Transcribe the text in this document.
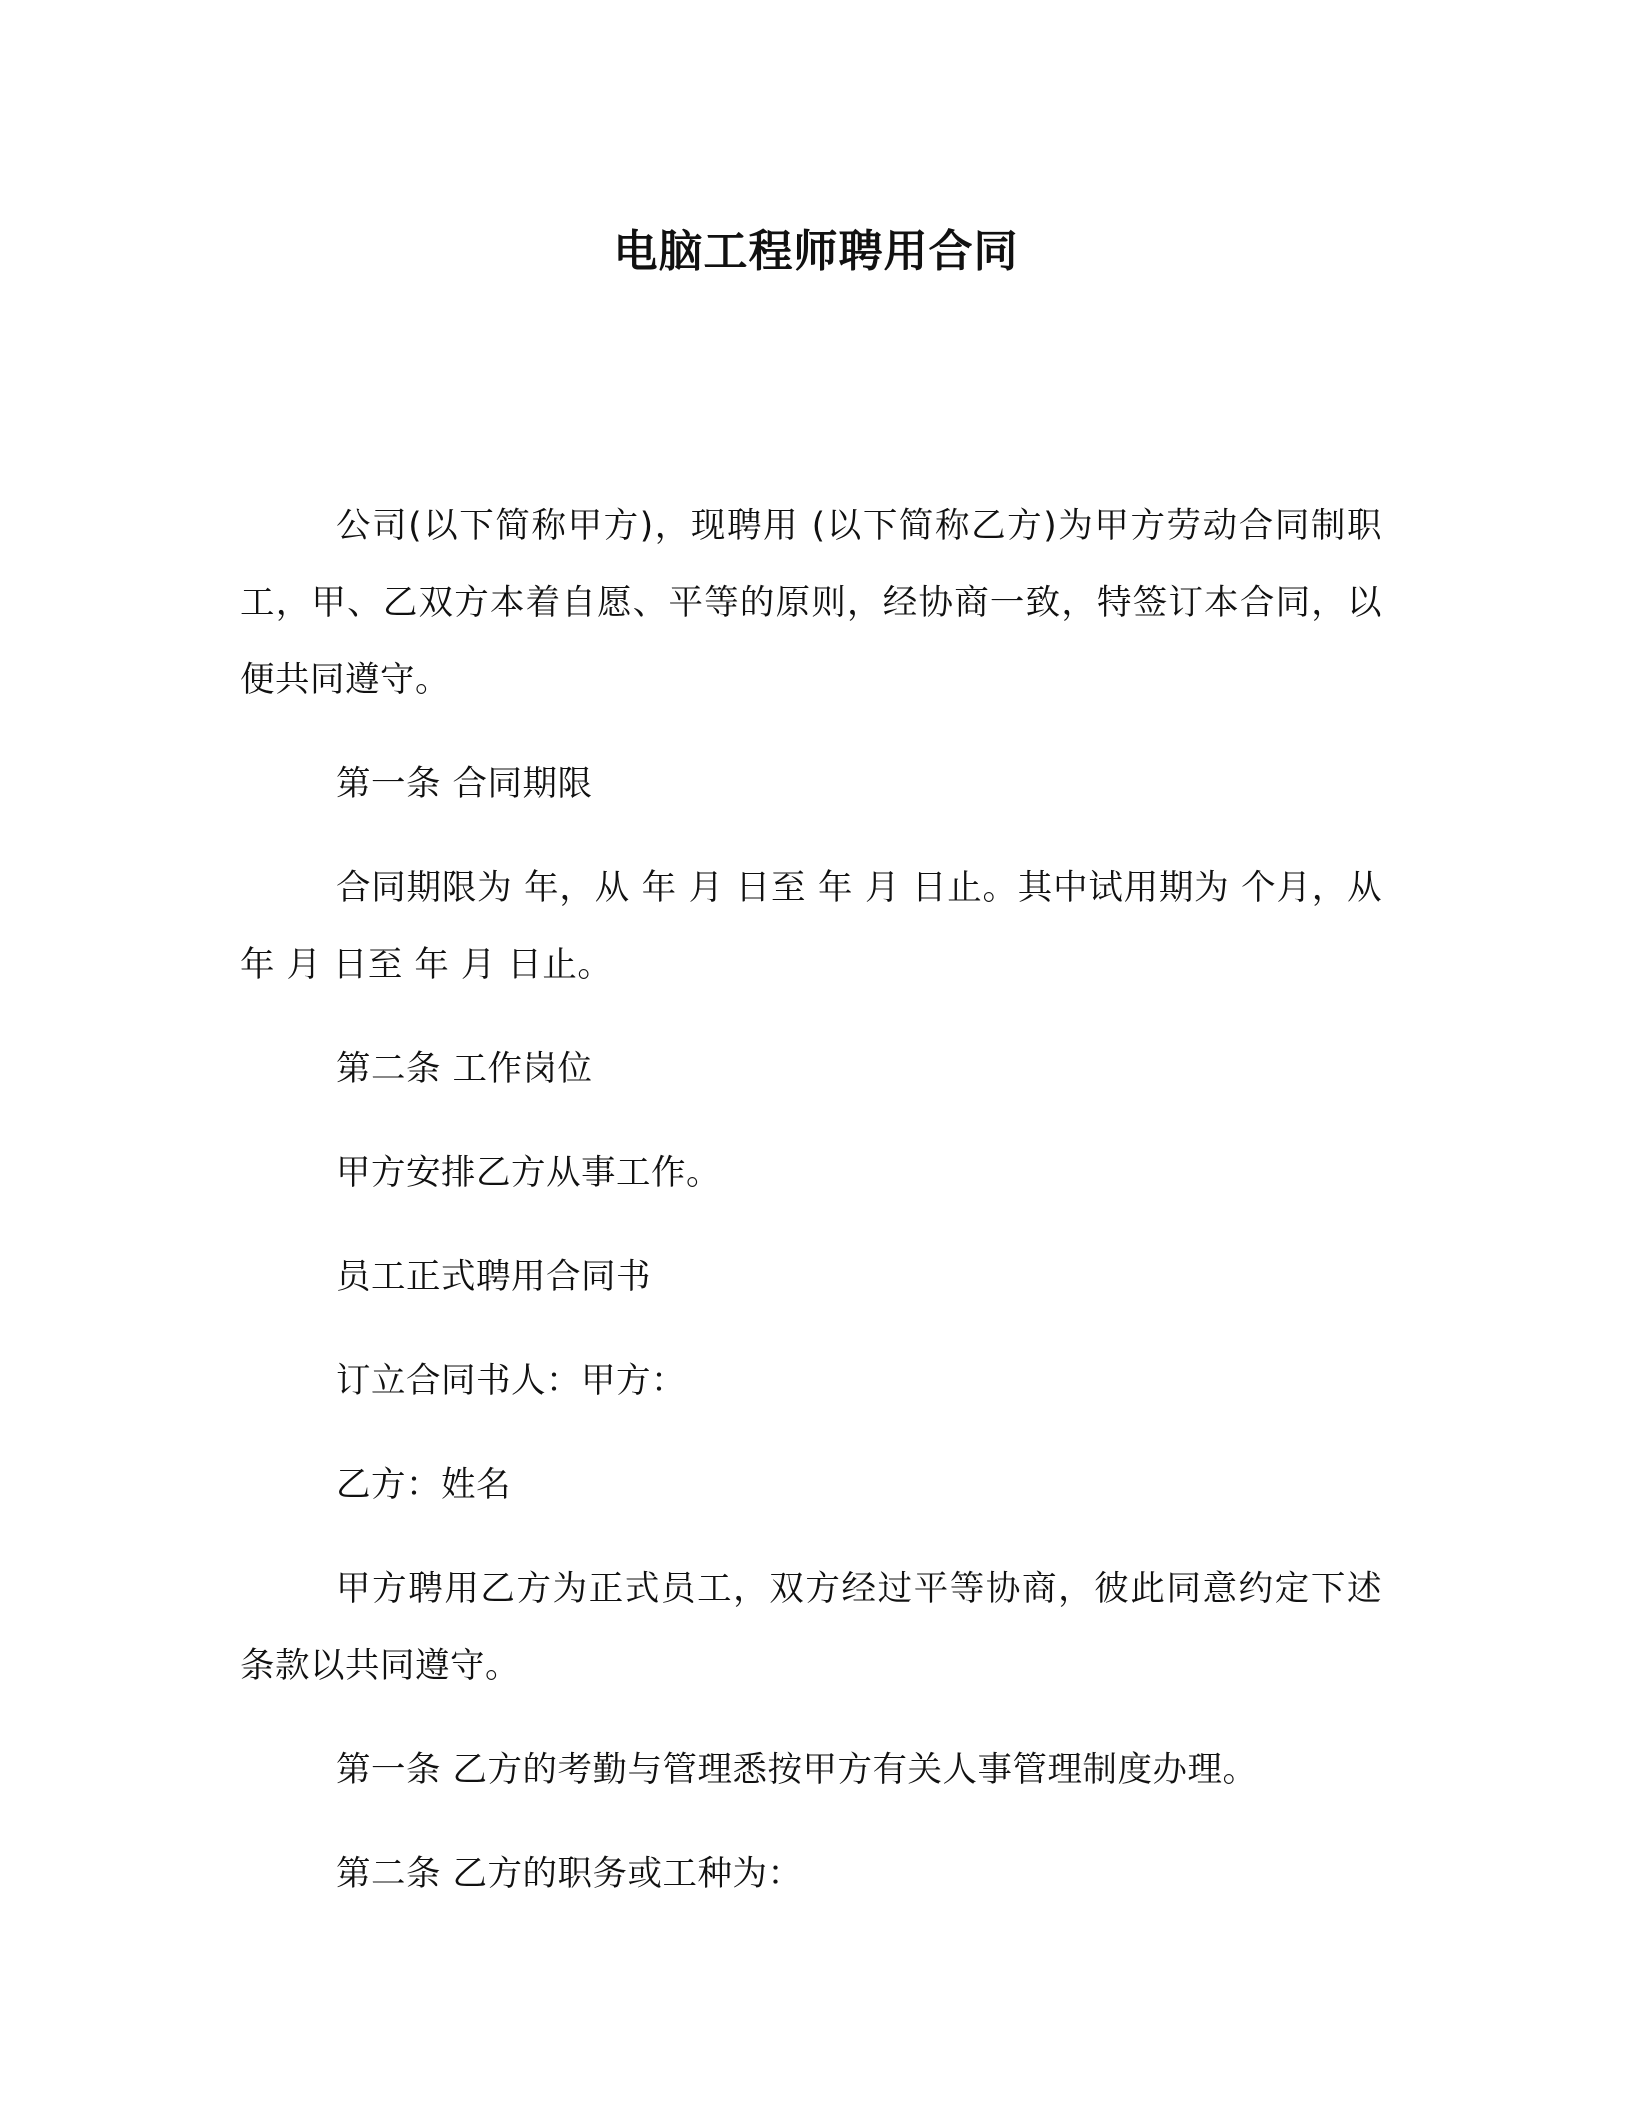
电脑工程师聘用合同

公司(以下简称甲方)，现聘用 (以下简称乙方)为甲方劳动合同制职工，甲、乙双方本着自愿、平等的原则，经协商一致，特签订本合同，以便共同遵守。

第一条 合同期限

合同期限为 年，从 年 月 日至 年 月 日止。其中试用期为 个月，从 年 月 日至 年 月 日止。

第二条 工作岗位

甲方安排乙方从事工作。

员工正式聘用合同书

订立合同书人：甲方：

乙方：姓名

甲方聘用乙方为正式员工，双方经过平等协商，彼此同意约定下述条款以共同遵守。

第一条 乙方的考勤与管理悉按甲方有关人事管理制度办理。

第二条 乙方的职务或工种为：
